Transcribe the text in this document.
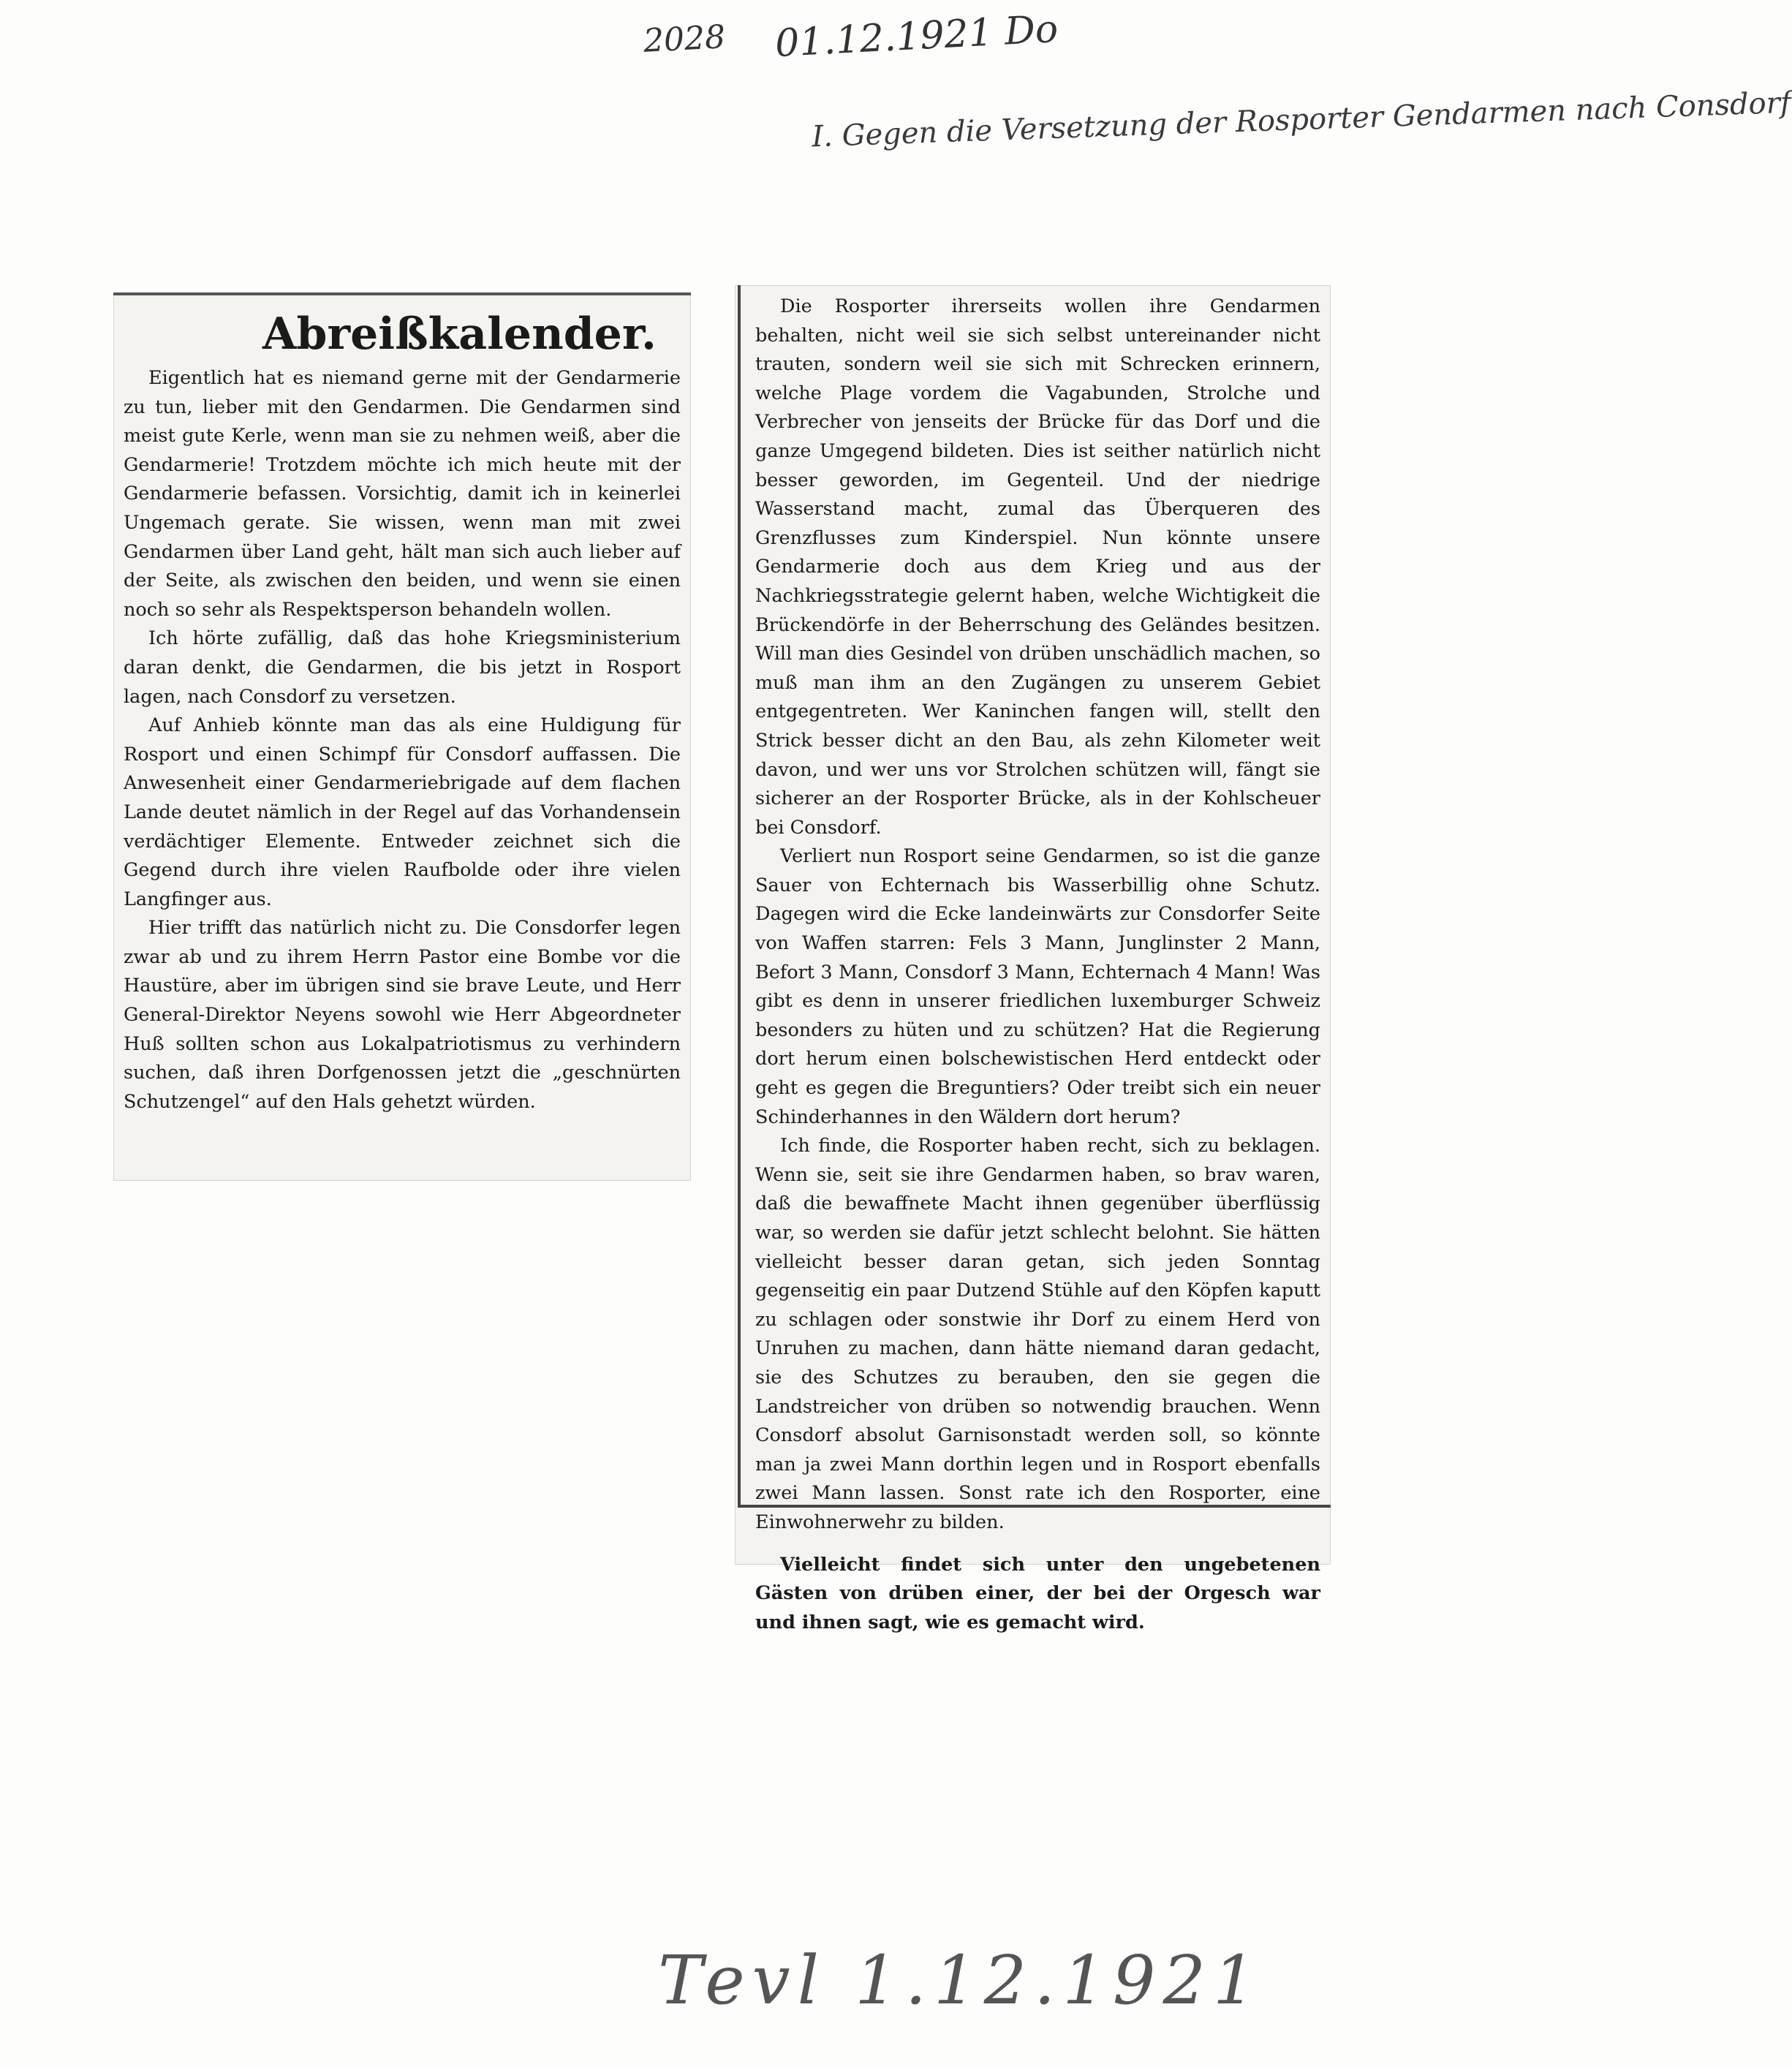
2028 01.12.1921 Do
I. Gegen die Versetzung der Rosporter Gendarmen nach Consdorf
Abreißkalender.

Eigentlich hat es niemand gerne mit der Gendarmerie zu tun, lieber mit den Gendarmen. Die Gendarmen sind meist gute Kerle, wenn man sie zu nehmen weiß, aber die Gendarmerie! Trotzdem möchte ich mich heute mit der Gendarmerie befassen. Vorsichtig, damit ich in keinerlei Ungemach gerate. Sie wissen, wenn man mit zwei Gendarmen über Land geht, hält man sich auch lieber auf der Seite, als zwischen den beiden, und wenn sie einen noch so sehr als Respektsperson behandeln wollen.

Ich hörte zufällig, daß das hohe Kriegsministerium daran denkt, die Gendarmen, die bis jetzt in Rosport lagen, nach Consdorf zu versetzen.

Auf Anhieb könnte man das als eine Huldigung für Rosport und einen Schimpf für Consdorf auffassen. Die Anwesenheit einer Gendarmeriebrigade auf dem flachen Lande deutet nämlich in der Regel auf das Vorhandensein verdächtiger Elemente. Entweder zeichnet sich die Gegend durch ihre vielen Raufbolde oder ihre vielen Langfinger aus.

Hier trifft das natürlich nicht zu. Die Consdorfer legen zwar ab und zu ihrem Herrn Pastor eine Bombe vor die Haustüre, aber im übrigen sind sie brave Leute, und Herr General-Direktor Neyens sowohl wie Herr Abgeordneter Huß sollten schon aus Lokalpatriotismus zu verhindern suchen, daß ihren Dorfgenossen jetzt die „geschnürten Schutzengel“ auf den Hals gehetzt würden.

Die Rosporter ihrerseits wollen ihre Gendarmen behalten, nicht weil sie sich selbst untereinander nicht trauten, sondern weil sie sich mit Schrecken erinnern, welche Plage vordem die Vagabunden, Strolche und Verbrecher von jenseits der Brücke für das Dorf und die ganze Umgegend bildeten. Dies ist seither natürlich nicht besser geworden, im Gegenteil. Und der niedrige Wasserstand macht, zumal das Überqueren des Grenzflusses zum Kinderspiel. Nun könnte unsere Gendarmerie doch aus dem Krieg und aus der Nachkriegsstrategie gelernt haben, welche Wichtigkeit die Brückendörfe in der Beherrschung des Geländes besitzen. Will man dies Gesindel von drüben unschädlich machen, so muß man ihm an den Zugängen zu unserem Gebiet entgegentreten. Wer Kaninchen fangen will, stellt den Strick besser dicht an den Bau, als zehn Kilometer weit davon, und wer uns vor Strolchen schützen will, fängt sie sicherer an der Rosporter Brücke, als in der Kohlscheuer bei Consdorf.

Verliert nun Rosport seine Gendarmen, so ist die ganze Sauer von Echternach bis Wasserbillig ohne Schutz. Dagegen wird die Ecke landeinwärts zur Consdorfer Seite von Waffen starren: Fels 3 Mann, Junglinster 2 Mann, Befort 3 Mann, Consdorf 3 Mann, Echternach 4 Mann! Was gibt es denn in unserer friedlichen luxemburger Schweiz besonders zu hüten und zu schützen? Hat die Regierung dort herum einen bolschewistischen Herd entdeckt oder geht es gegen die Breguntiers? Oder treibt sich ein neuer Schinderhannes in den Wäldern dort herum?

Ich finde, die Rosporter haben recht, sich zu beklagen. Wenn sie, seit sie ihre Gendarmen haben, so brav waren, daß die bewaffnete Macht ihnen gegenüber überflüssig war, so werden sie dafür jetzt schlecht belohnt. Sie hätten vielleicht besser daran getan, sich jeden Sonntag gegenseitig ein paar Dutzend Stühle auf den Köpfen kaputt zu schlagen oder sonstwie ihr Dorf zu einem Herd von Unruhen zu machen, dann hätte niemand daran gedacht, sie des Schutzes zu berauben, den sie gegen die Landstreicher von drüben so notwendig brauchen. Wenn Consdorf absolut Garnisonstadt werden soll, so könnte man ja zwei Mann dorthin legen und in Rosport ebenfalls zwei Mann lassen. Sonst rate ich den Rosporter, eine Einwohnerwehr zu bilden.

Vielleicht findet sich unter den ungebetenen Gästen von drüben einer, der bei der Orgesch war und ihnen sagt, wie es gemacht wird.

Tevl 1.12.1921
